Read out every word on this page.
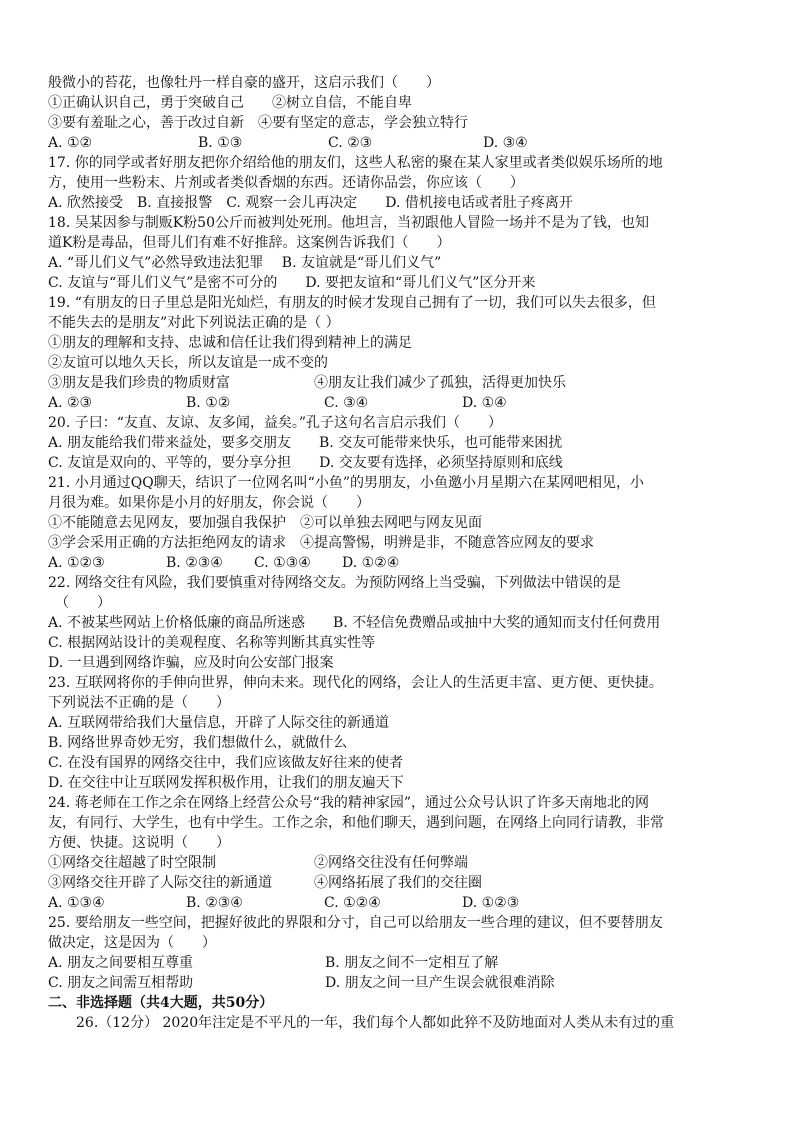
般微小的苔花，也像牡丹一样自豪的盛开，这启示我们（　　）
①正确认识自己，勇于突破自己　　②树立自信，不能自卑
③要有羞耻之心，善于改过自新　④要有坚定的意志，学会独立特行
A. ①②	B. ①③	C. ②③	D. ③④
17. 你的同学或者好朋友把你介绍给他的朋友们，这些人私密的聚在某人家里或者类似娱乐场所的地
方，使用一些粉末、片剂或者类似香烟的东西。还请你品尝，你应该（　　）
A. 欣然接受　B. 直接报警　C. 观察一会儿再决定　　D. 借机接电话或者肚子疼离开
18. 吴某因参与制贩K粉50公斤而被判处死刑。他坦言，当初跟他人冒险一场并不是为了钱，也知
道K粉是毒品，但哥儿们有难不好推辞。这案例告诉我们（　　）
A. “哥儿们义气”必然导致违法犯罪　 B. 友谊就是“哥儿们义气”
C. 友谊与“哥儿们义气”是密不可分的　　D. 要把友谊和“哥儿们义气”区分开来
19. “有朋友的日子里总是阳光灿烂，有朋友的时候才发现自己拥有了一切，我们可以失去很多，但
不能失去的是朋友”对此下列说法正确的是（ ）
①朋友的理解和支持、忠诚和信任让我们得到精神上的满足
②友谊可以地久天长，所以友谊是一成不变的
③朋友是我们珍贵的物质财富　　　　　　④朋友让我们减少了孤独，活得更加快乐
A. ②③	B. ①②	C. ③④	D. ①④
20. 子曰：“友直、友谅、友多闻，益矣。”孔子这句名言启示我们（　　）
A. 朋友能给我们带来益处，要多交朋友　　B. 交友可能带来快乐，也可能带来困扰
C. 友谊是双向的、平等的，要分享分担　　D. 交友要有选择，必须坚持原则和底线
21. 小月通过QQ聊天，结识了一位网名叫“小鱼”的男朋友，小鱼邀小月星期六在某网吧相见，小
月很为难。如果你是小月的好朋友，你会说（　　）
①不能随意去见网友，要加强自我保护　②可以单独去网吧与网友见面
③学会采用正确的方法拒绝网友的请求　④提高警惕，明辨是非，不随意答应网友的要求
A. ①②③	B. ②③④ C. ①③④ D. ①②④
22. 网络交往有风险，我们要慎重对待网络交友。为预防网络上当受骗，下列做法中错误的是
　（　　）
A. 不被某些网站上价格低廉的商品所迷惑　　B. 不轻信免费赠品或抽中大奖的通知而支付任何费用
C. 根据网站设计的美观程度、名称等判断其真实性等
D. 一旦遇到网络诈骗，应及时向公安部门报案
23. 互联网将你的手伸向世界，伸向未来。现代化的网络，会让人的生活更丰富、更方便、更快捷。
下列说法不正确的是（　　）
A. 互联网带给我们大量信息，开辟了人际交往的新通道
B. 网络世界奇妙无穷，我们想做什么，就做什么
C. 在没有国界的网络交往中，我们应该做友好往来的使者
D. 在交往中让互联网发挥积极作用，让我们的朋友遍天下
24. 蒋老师在工作之余在网络上经营公众号“我的精神家园”，通过公众号认识了许多天南地北的网
友，有同行、大学生，也有中学生。工作之余，和他们聊天，遇到问题，在网络上向同行请教，非常
方便、快捷。这说明（　　）
①网络交往超越了时空限制　　　　　　　②网络交往没有任何弊端
③网络交往开辟了人际交往的新通道　　　④网络拓展了我们的交往圈
A. ①③④	B. ②③④	C. ①②④	D. ①②③
25. 要给朋友一些空间，把握好彼此的界限和分寸，自己可以给朋友一些合理的建议，但不要替朋友
做决定，这是因为（　　）
A. 朋友之间要相互尊重	B. 朋友之间不一定相互了解
C. 朋友之间需互相帮助	D. 朋友之间一旦产生误会就很难消除
二、非选择题（共4大题，共50分）
26.（12分） 2020年注定是不平凡的一年，我们每个人都如此猝不及防地面对人类从未有过的重
